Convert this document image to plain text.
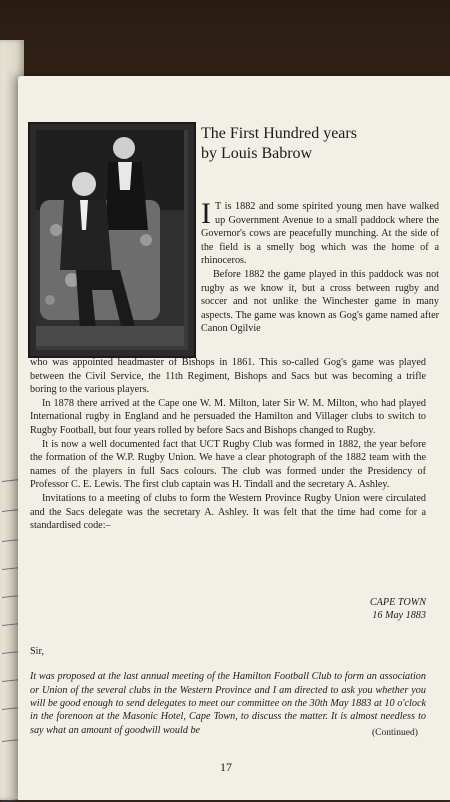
The First Hundred years
by Louis Babrow

I T is 1882 and some spirited young men have walked up Government Avenue to a small paddock where the Governor's cows are peacefully munching. At the side of the field is a smelly bog which was the home of a rhinoceros.

Before 1882 the game played in this paddock was not rugby as we know it, but a cross between rugby and soccer and not unlike the Winchester game in many aspects. The game was known as Gog's game named after Canon Ogilvie

who was appointed headmaster of Bishops in 1861. This so-called Gog's game was played between the Civil Service, the 11th Regiment, Bishops and Sacs but was becoming a trifle boring to the various players.

In 1878 there arrived at the Cape one W. M. Milton, later Sir W. M. Milton, who had played International rugby in England and he persuaded the Hamilton and Villager clubs to switch to Rugby Football, but four years rolled by before Sacs and Bishops changed to Rugby.

It is now a well documented fact that UCT Rugby Club was formed in 1882, the year before the formation of the W.P. Rugby Union. We have a clear photograph of the 1882 team with the names of the players in full Sacs colours. The club was formed under the Presidency of Professor C. E. Lewis. The first club captain was H. Tindall and the secretary A. Ashley.

Invitations to a meeting of clubs to form the Western Province Rugby Union were circulated and the Sacs delegate was the secretary A. Ashley. It was felt that the time had come for a standardised code:–

CAPE TOWN
16 May 1883
Sir,
It was proposed at the last annual meeting of the Hamilton Football Club to form an association or Union of the several clubs in the Western Province and I am directed to ask you whether you will be good enough to send delegates to meet our committee on the 30th May 1883 at 10 o'clock in the forenoon at the Masonic Hotel, Cape Town, to discuss the matter. It is almost needless to say what an amount of goodwill would be	(Continued)
17
